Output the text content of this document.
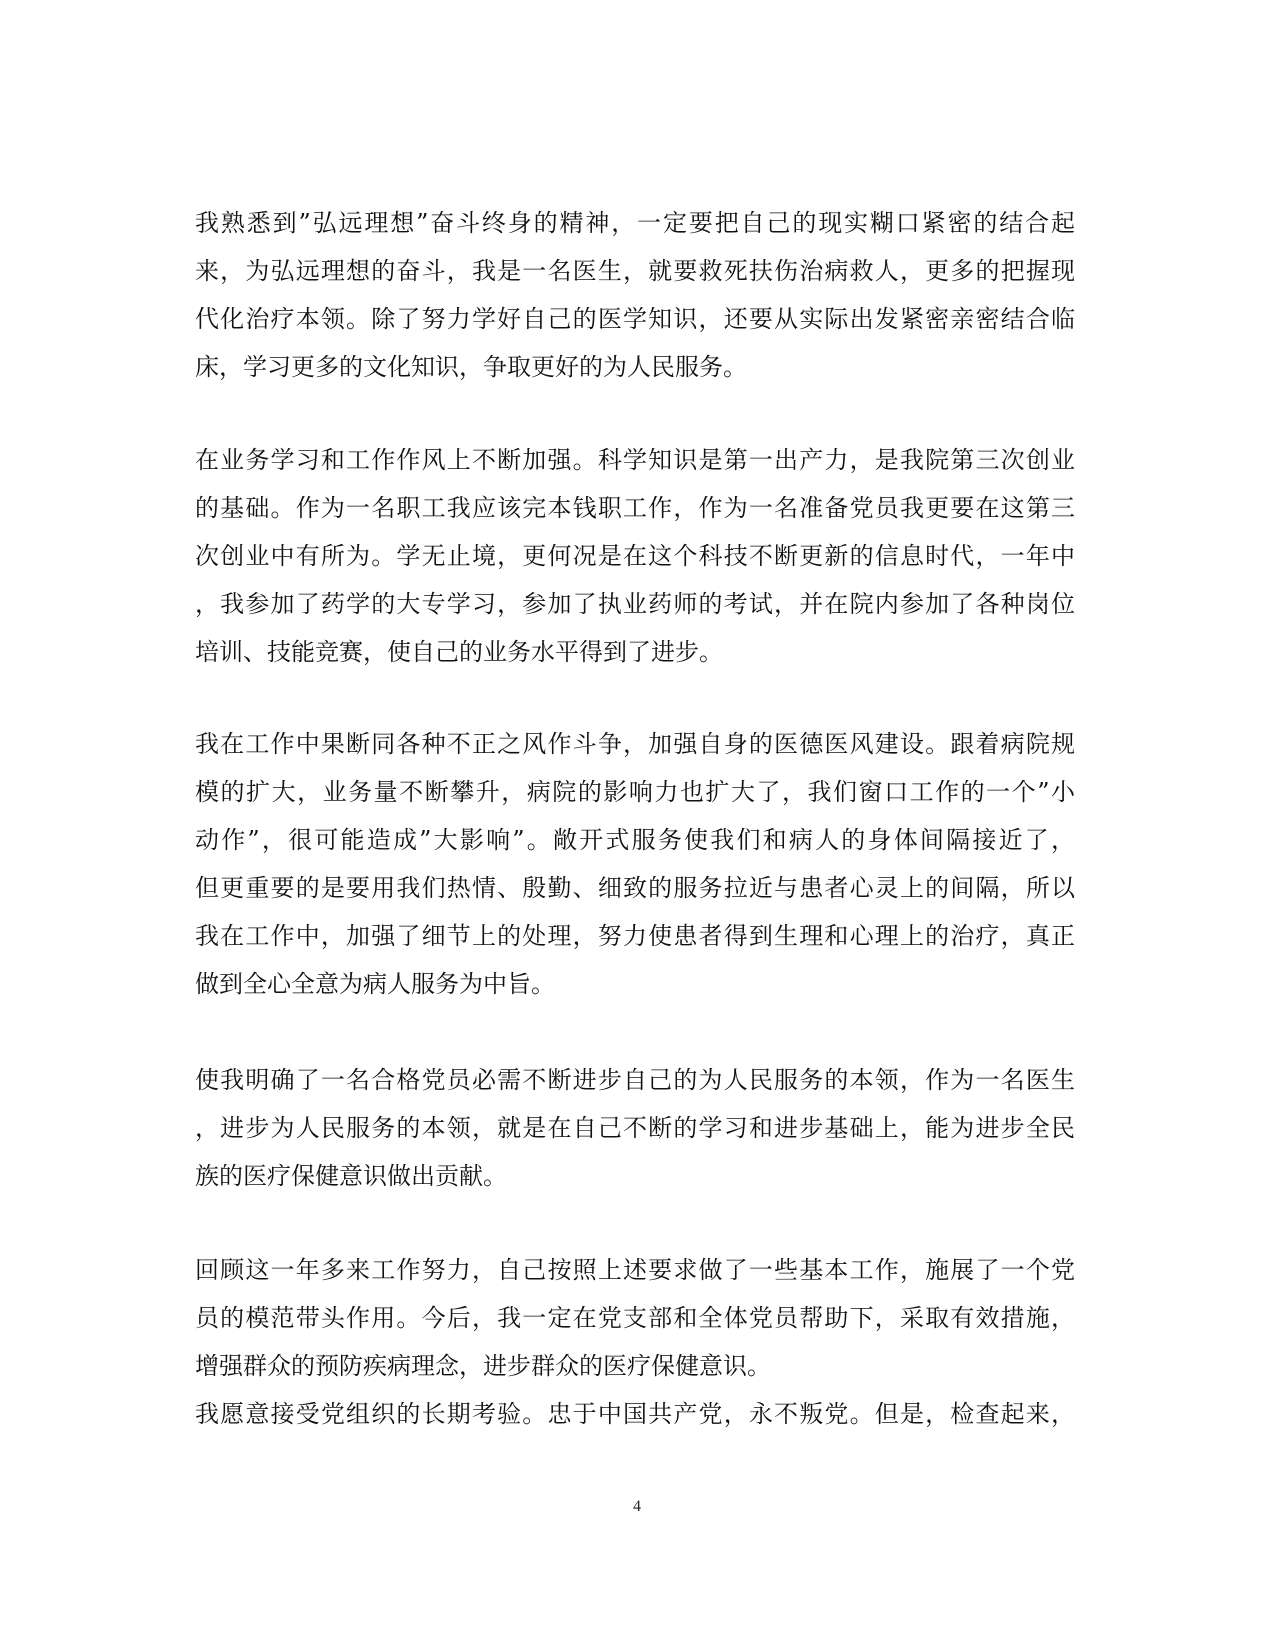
我熟悉到”弘远理想”奋斗终身的精神，一定要把自己的现实糊口紧密的结合起
来，为弘远理想的奋斗，我是一名医生，就要救死扶伤治病救人，更多的把握现
代化治疗本领。除了努力学好自己的医学知识，还要从实际出发紧密亲密结合临
床，学习更多的文化知识，争取更好的为人民服务。
在业务学习和工作作风上不断加强。科学知识是第一出产力，是我院第三次创业
的基础。作为一名职工我应该完本钱职工作，作为一名准备党员我更要在这第三
次创业中有所为。学无止境，更何况是在这个科技不断更新的信息时代，一年中
，我参加了药学的大专学习，参加了执业药师的考试，并在院内参加了各种岗位
培训、技能竞赛，使自己的业务水平得到了进步。
我在工作中果断同各种不正之风作斗争，加强自身的医德医风建设。跟着病院规
模的扩大，业务量不断攀升，病院的影响力也扩大了，我们窗口工作的一个”小
动作”，很可能造成”大影响”。敞开式服务使我们和病人的身体间隔接近了，
但更重要的是要用我们热情、殷勤、细致的服务拉近与患者心灵上的间隔，所以
我在工作中，加强了细节上的处理，努力使患者得到生理和心理上的治疗，真正
做到全心全意为病人服务为中旨。
使我明确了一名合格党员必需不断进步自己的为人民服务的本领，作为一名医生
，进步为人民服务的本领，就是在自己不断的学习和进步基础上，能为进步全民
族的医疗保健意识做出贡献。
回顾这一年多来工作努力，自己按照上述要求做了一些基本工作，施展了一个党
员的模范带头作用。今后，我一定在党支部和全体党员帮助下，采取有效措施，
增强群众的预防疾病理念，进步群众的医疗保健意识。
我愿意接受党组织的长期考验。忠于中国共产党，永不叛党。但是，检查起来，
4
